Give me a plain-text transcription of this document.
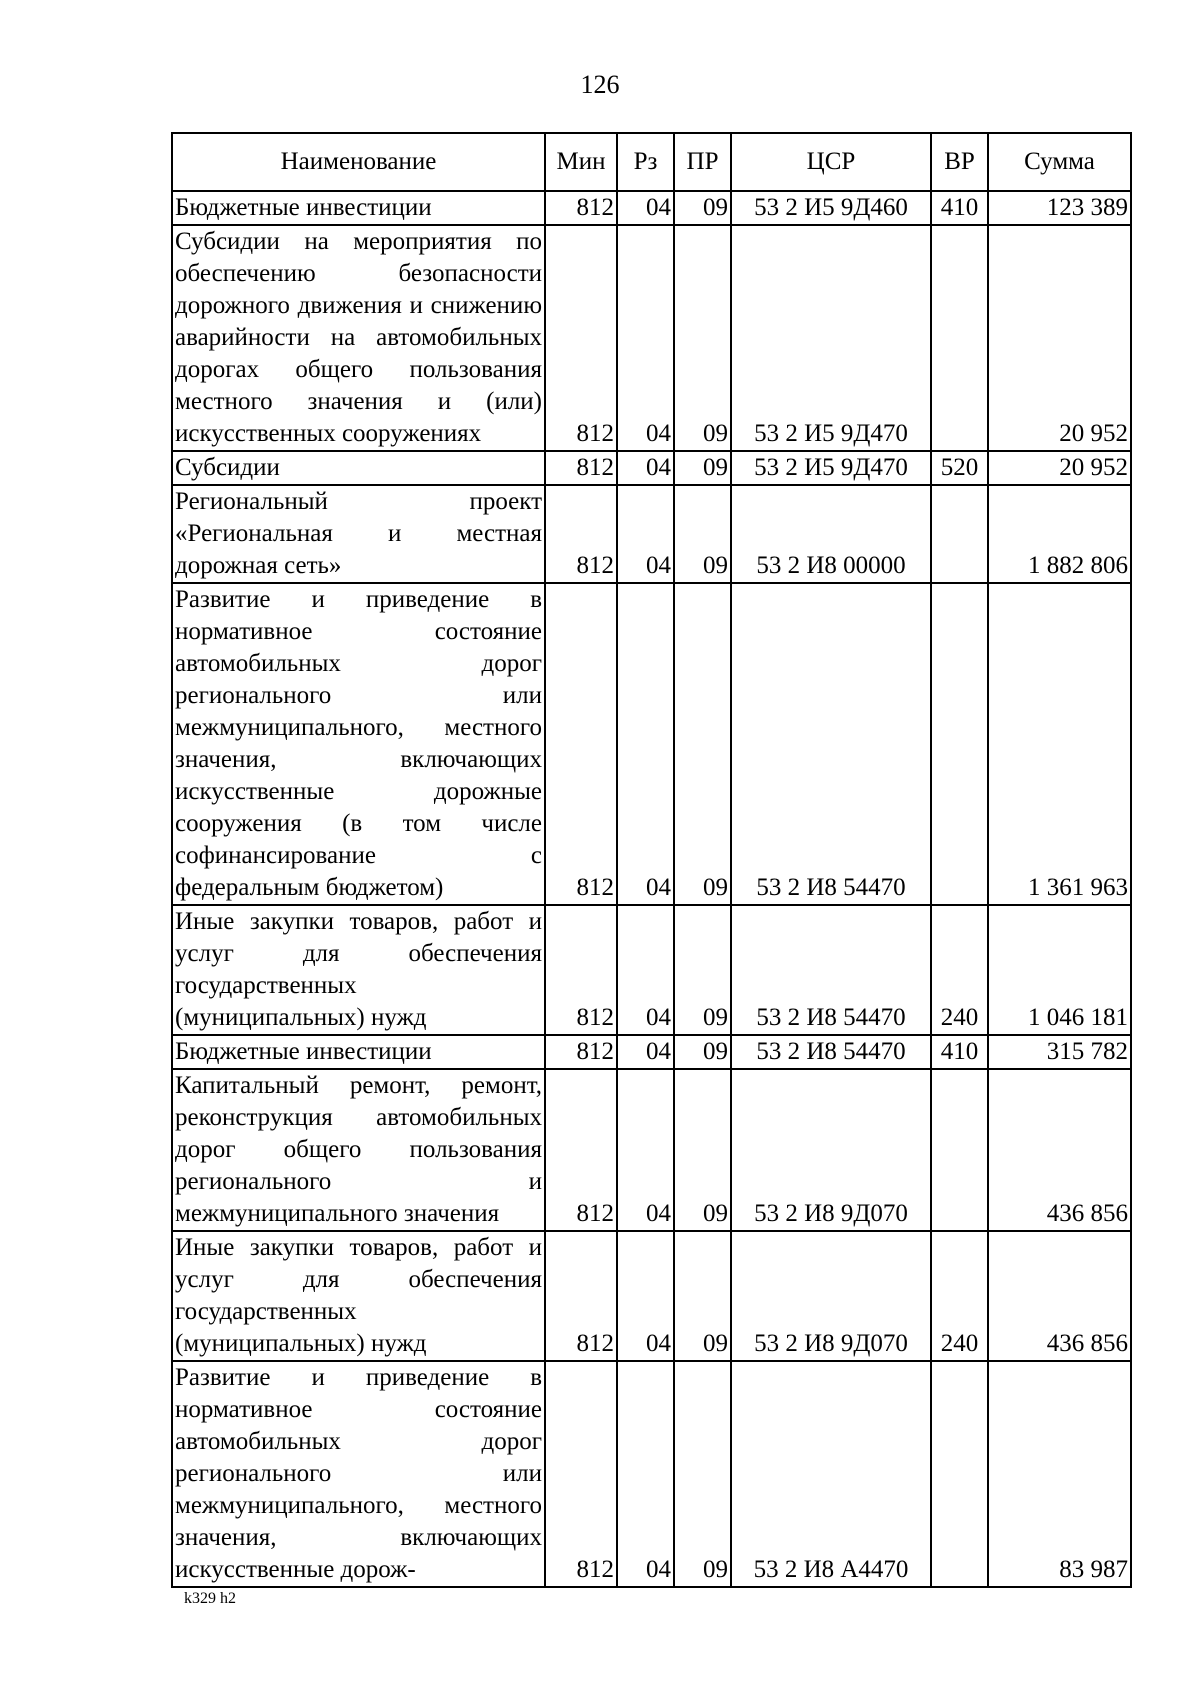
126
Наименование	Мин	Рз	ПР	ЦСР	ВР	Сумма
Бюджетные инвестиции	812	04	09	53 2 И5 9Д460	410	123 389
Субсидии на мероприятия по обеспечению безопасности дорожного движения и снижению аварийности на автомобильных дорогах общего пользования местного значения и (или) искусственных сооружениях	812	04	09	53 2 И5 9Д470		20 952
Субсидии	812	04	09	53 2 И5 9Д470	520	20 952
Региональный проект «Региональная и местная дорожная сеть»	812	04	09	53 2 И8 00000		1 882 806
Развитие и приведение в нормативное состояние автомобильных дорог регионального или межмуниципального, местного значения, включающих искусственные дорожные сооружения (в том числе софинансирование с федеральным бюджетом)	812	04	09	53 2 И8 54470		1 361 963
Иные закупки товаров, работ и услуг для обеспечения государственных (муниципальных) нужд	812	04	09	53 2 И8 54470	240	1 046 181
Бюджетные инвестиции	812	04	09	53 2 И8 54470	410	315 782
Капитальный ремонт, ремонт, реконструкция автомобильных дорог общего пользования регионального и межмуниципального значения	812	04	09	53 2 И8 9Д070		436 856
Иные закупки товаров, работ и услуг для обеспечения государственных (муниципальных) нужд	812	04	09	53 2 И8 9Д070	240	436 856
Развитие и приведение в нормативное состояние автомобильных дорог регионального или межмуниципального, местного значения, включающих искусственные дорож-	812	04	09	53 2 И8 А4470		83 987
k329 h2
